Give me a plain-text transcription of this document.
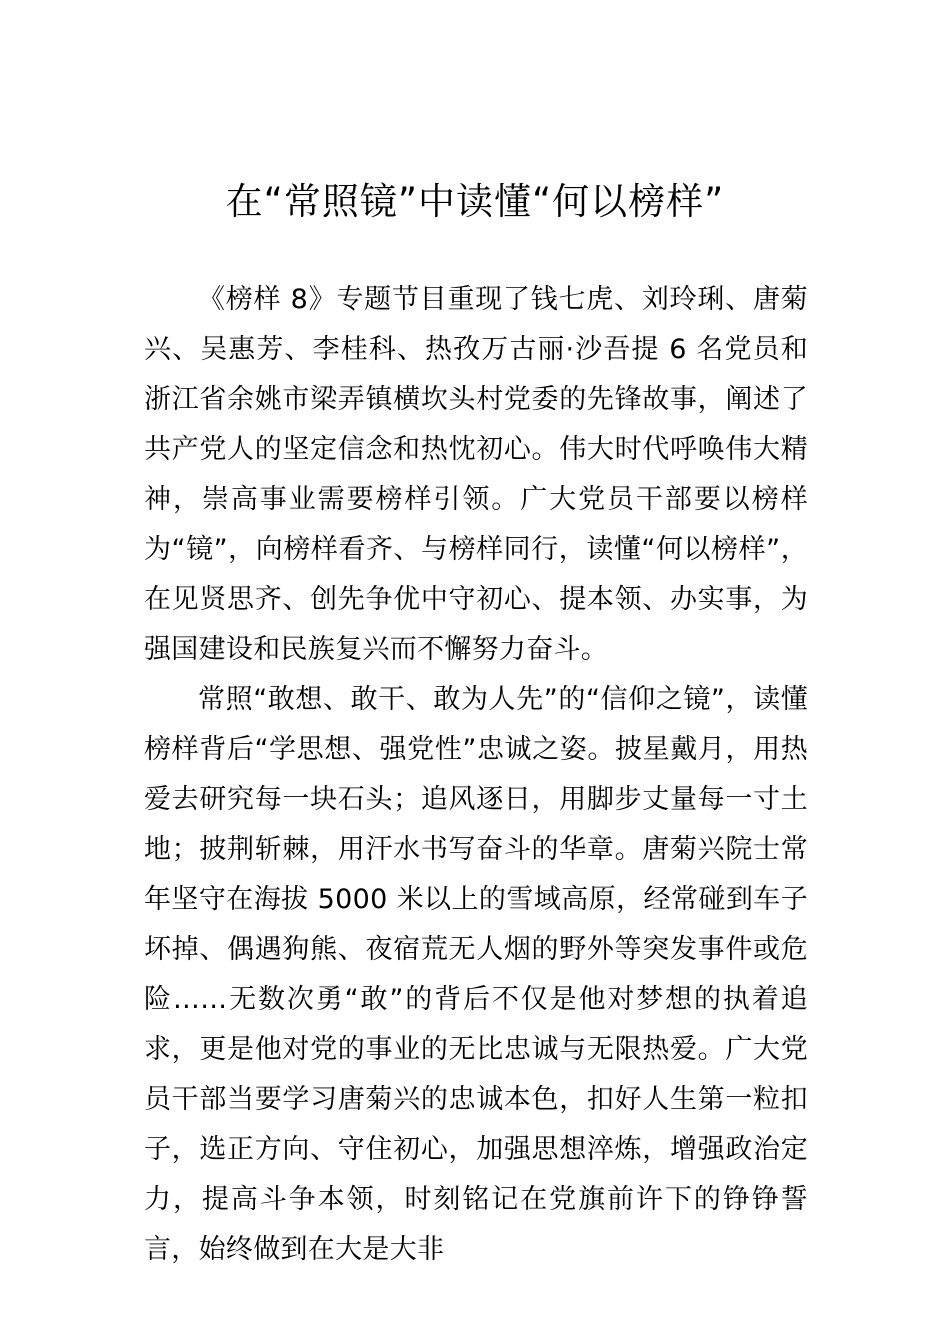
在“常照镜”中读懂“何以榜样”

《榜样 8》专题节目重现了钱七虎、刘玲琍、唐菊兴、吴惠芳、李桂科、热孜万古丽·沙吾提 6 名党员和浙江省余姚市梁弄镇横坎头村党委的先锋故事，阐述了共产党人的坚定信念和热忱初心。伟大时代呼唤伟大精神，崇高事业需要榜样引领。广大党员干部要以榜样为“镜”，向榜样看齐、与榜样同行，读懂“何以榜样”，在见贤思齐、创先争优中守初心、提本领、办实事，为强国建设和民族复兴而不懈努力奋斗。

常照“敢想、敢干、敢为人先”的“信仰之镜”，读懂榜样背后“学思想、强党性”忠诚之姿。披星戴月，用热爱去研究每一块石头；追风逐日，用脚步丈量每一寸土地；披荆斩棘，用汗水书写奋斗的华章。唐菊兴院士常年坚守在海拔 5000 米以上的雪域高原，经常碰到车子坏掉、偶遇狗熊、夜宿荒无人烟的野外等突发事件或危险……无数次勇“敢”的背后不仅是他对梦想的执着追求，更是他对党的事业的无比忠诚与无限热爱。广大党员干部当要学习唐菊兴的忠诚本色，扣好人生第一粒扣子，选正方向、守住初心，加强思想淬炼，增强政治定力，提高斗争本领，时刻铭记在党旗前许下的铮铮誓言，始终做到在大是大非
